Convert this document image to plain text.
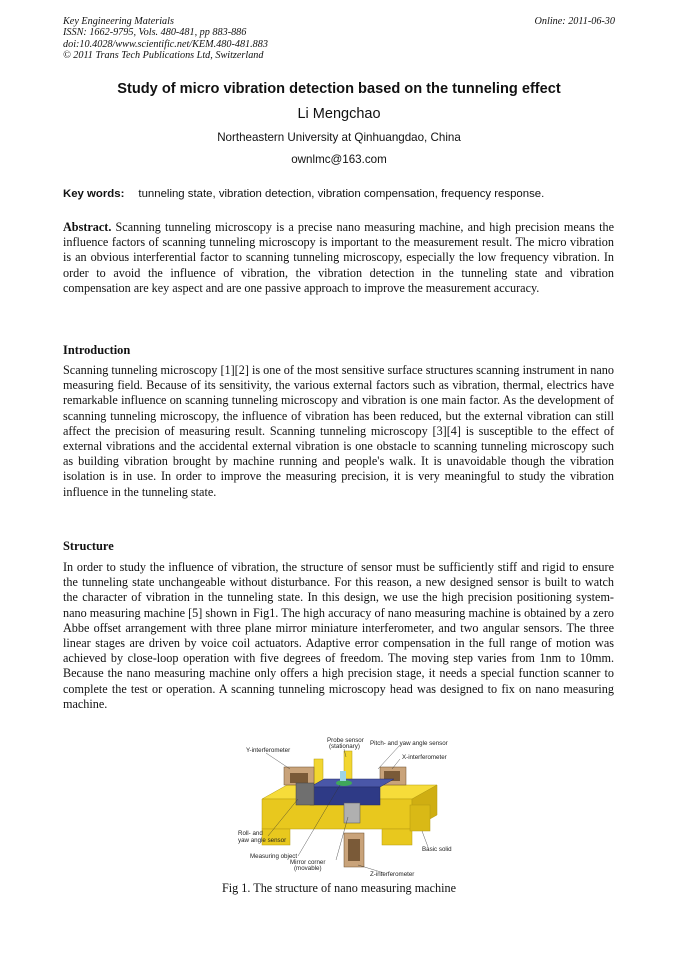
Key Engineering Materials
ISSN: 1662-9795, Vols. 480-481, pp 883-886
doi:10.4028/www.scientific.net/KEM.480-481.883
© 2011 Trans Tech Publications Ltd, Switzerland
Online: 2011-06-30
Study of micro vibration detection based on the tunneling effect
Li Mengchao
Northeastern University at Qinhuangdao, China
ownlmc@163.com
Key words: tunneling state, vibration detection, vibration compensation, frequency response.
Abstract. Scanning tunneling microscopy is a precise nano measuring machine, and high precision means the influence factors of scanning tunneling microscopy is important to the measurement result. The micro vibration is an obvious interferential factor to scanning tunneling microscopy, especially the low frequency vibration. In order to avoid the influence of vibration, the vibration detection in the tunneling state and vibration compensation are key aspect and are one passive approach to improve the measurement accuracy.
Introduction
Scanning tunneling microscopy [1][2] is one of the most sensitive surface structures scanning instrument in nano measuring field. Because of its sensitivity, the various external factors such as vibration, thermal, electrics have remarkable influence on scanning tunneling microscopy and vibration is one main factor. As the development of scanning tunneling microscopy, the influence of vibration has been reduced, but the external vibration can still affect the precision of measuring result. Scanning tunneling microscopy [3][4] is susceptible to the effect of external vibrations and the accidental external vibration is one obstacle to scanning tunneling microscopy such as building vibration brought by machine running and people's walk. It is unavoidable though the vibration isolation is in use. In order to improve the measuring precision, it is very meaningful to study the vibration influence in the tunneling state.
Structure
In order to study the influence of vibration, the structure of sensor must be sufficiently stiff and rigid to ensure the tunneling state unchangeable without disturbance. For this reason, a new designed sensor is built to watch the character of vibration in the tunneling state. In this design, we use the high precision positioning system-nano measuring machine [5] shown in Fig1. The high accuracy of nano measuring machine is obtained by a zero Abbe offset arrangement with three plane mirror miniature interferometer, and two angular sensors. The three linear stages are driven by voice coil actuators. Adaptive error compensation in the full range of motion was achieved by close-loop operation with five degrees of freedom. The moving step varies from 1nm to 10mm. Because the nano measuring machine only offers a high precision stage, it needs a special function scanner to complete the test or operation. A scanning tunneling microscopy head was designed to fix on nano measuring machine.
Probe sensor
(stationary) Pitch- and yaw angle sensor
Y-interferometer
X-interferometer
Roll- and
yaw angle sensor
Measuring object
Mirror corner
(movable)
Basic solid
Z-interferometer
Fig 1. The structure of nano measuring machine
